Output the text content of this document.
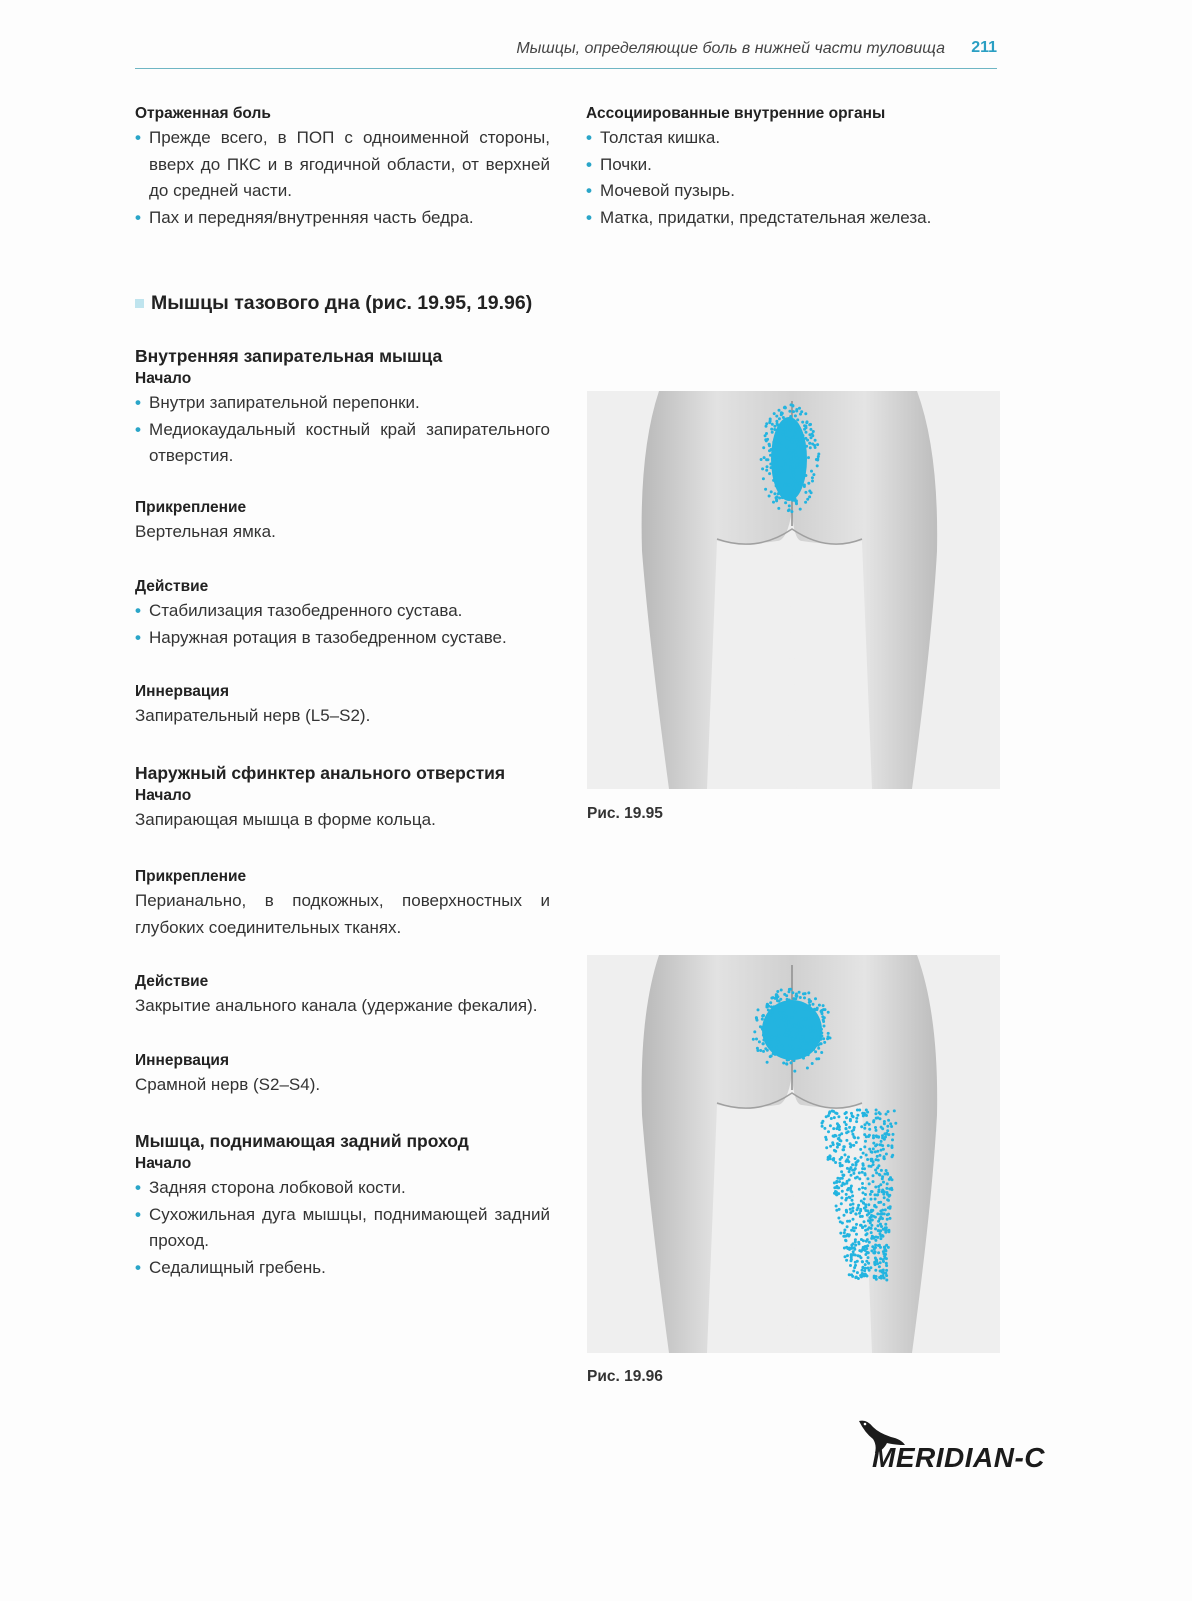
Мышцы, определяющие боль в нижней части туловища 211
Отраженная боль
• Прежде всего, в ПОП с одноименной стороны, вверх до ПКС и в ягодичной области, от верхней до средней части.
• Пах и передняя/внутренняя часть бедра.
Ассоциированные внутренние органы
• Толстая кишка.
• Почки.
• Мочевой пузырь.
• Матка, придатки, предстательная железа.
Мышцы тазового дна (рис. 19.95, 19.96)
Внутренняя запирательная мышца
Начало
• Внутри запирательной перепонки.
• Медиокаудальный костный край запирательного отверстия.
Прикрепление
Вертельная ямка.
Действие
• Стабилизация тазобедренного сустава.
• Наружная ротация в тазобедренном суставе.
Иннервация
Запирательный нерв (L5–S2).
Наружный сфинктер анального отверстия
Начало
Запирающая мышца в форме кольца.
Прикрепление
Перианально, в подкожных, поверхностных и глубоких соединительных тканях.
Действие
Закрытие анального канала (удержание фекалия).
Иннервация
Срамной нерв (S2–S4).
Мышца, поднимающая задний проход
Начало
• Задняя сторона лобковой кости.
• Сухожильная дуга мышцы, поднимающей задний проход.
• Седалищный гребень.
Рис. 19.95
Рис. 19.96
MERIDIAN-C
